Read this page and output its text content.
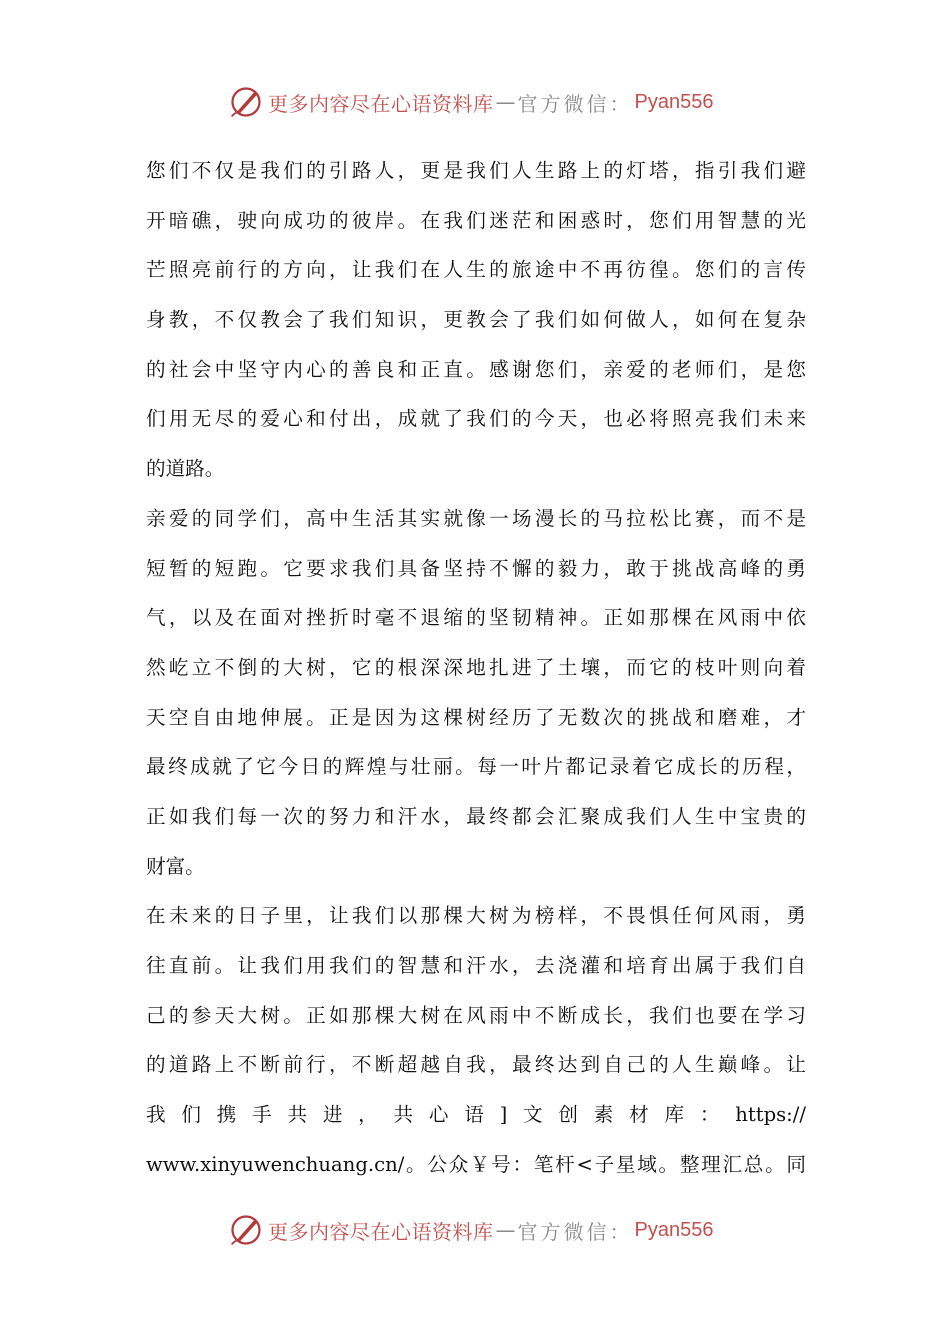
更多内容尽在心语资料库 — 官方微信： Pyan556
您们不仅是我们的引路人，更是我们人生路上的灯塔，指引我们避
开暗礁，驶向成功的彼岸。在我们迷茫和困惑时，您们用智慧的光
芒照亮前行的方向，让我们在人生的旅途中不再彷徨。您们的言传
身教，不仅教会了我们知识，更教会了我们如何做人，如何在复杂
的社会中坚守内心的善良和正直。感谢您们，亲爱的老师们，是您
们用无尽的爱心和付出，成就了我们的今天，也必将照亮我们未来
的道路。
亲爱的同学们，高中生活其实就像一场漫长的马拉松比赛，而不是
短暂的短跑。它要求我们具备坚持不懈的毅力，敢于挑战高峰的勇
气，以及在面对挫折时毫不退缩的坚韧精神。正如那棵在风雨中依
然屹立不倒的大树，它的根深深地扎进了土壤，而它的枝叶则向着
天空自由地伸展。正是因为这棵树经历了无数次的挑战和磨难，才
最终成就了它今日的辉煌与壮丽。每一叶片都记录着它成长的历程，
正如我们每一次的努力和汗水，最终都会汇聚成我们人生中宝贵的
财富。
在未来的日子里，让我们以那棵大树为榜样，不畏惧任何风雨，勇
往直前。让我们用我们的智慧和汗水，去浇灌和培育出属于我们自
己的参天大树。正如那棵大树在风雨中不断成长，我们也要在学习
的道路上不断前行，不断超越自我，最终达到自己的人生巅峰。让
我们携手共进，共心语]文创素材库：https://
www.xinyuwenchuang.cn/。公众￥号：笔杆<子星域。整理汇总。同
更多内容尽在心语资料库 — 官方微信： Pyan556
